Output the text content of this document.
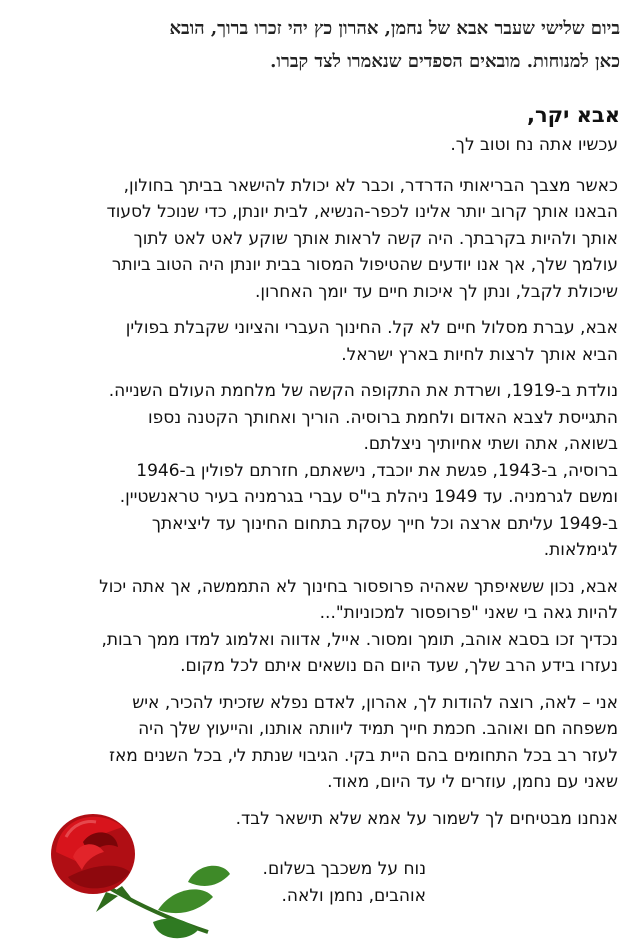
ביום שלישי שעבר אבא של נחמן, אהרון כץ יהי זכרו ברוך, הובא
כאן למנוחות. מובאים הספדים שנאמרו לצד קברו.
אבא יקר,

עכשיו אתה נח וטוב לך.

כאשר מצבך הבריאותי הדרדר, וכבר לא יכולת להישאר בביתך בחולון,
הבאנו אותך קרוב יותר אלינו לכפר-הנשיא, לבית יונתן, כדי שנוכל לסעוד
אותך ולהיות בקרבתך. היה קשה לראות אותך שוקע לאט לאט לתוך
עולמך שלך, אך אנו יודעים שהטיפול המסור בבית יונתן היה הטוב ביותר
שיכולת לקבל, ונתן לך איכות חיים עד יומך האחרון.

אבא, עברת מסלול חיים לא קל. החינוך העברי והציוני שקבלת בפולין
הביא אותך לרצות לחיות בארץ ישראל.

נולדת ב-1919, ושרדת את התקופה הקשה של מלחמת העולם השנייה.
התגייסת לצבא האדום ולחמת ברוסיה. הוריך ואחותך הקטנה נספו
בשואה, אתה ושתי אחיותיך ניצלתם.
ברוסיה, ב-1943, פגשת את יוכבד, נישאתם, חזרתם לפולין ב-1946
ומשם לגרמניה. עד 1949 ניהלת בי"ס עברי בגרמניה בעיר טראנשטיין.
ב-1949 עליתם ארצה וכל חייך עסקת בתחום החינוך עד ליציאתך
לגימלאות.

אבא, נכון ששאיפתך שאהיה פרופסור בחינוך לא התממשה, אך אתה יכול
להיות גאה בי שאני "פרופסור למכוניות"...
נכדיך זכו בסבא אוהב, תומך ומסור. אייל, אדווה ואלמוג למדו ממך רבות,
נעזרו בידע הרב שלך, שעד היום הם נושאים איתם לכל מקום.

אני – לאה, רוצה להודות לך, אהרון, לאדם נפלא שזכיתי להכיר, איש
משפחה חם ואוהב. חכמת חייך תמיד ליוותה אותנו, והייעוץ שלך היה
לעזר רב בכל התחומים בהם היית בקי. הגיבוי שנתת לי, בכל השנים מאז
שאני עם נחמן, עוזרים לי עד היום, מאוד.

אנחנו מבטיחים לך לשמור על אמא שלא תישאר לבד.

נוח על משכבך בשלום.
אוהבים, נחמן ולאה.
